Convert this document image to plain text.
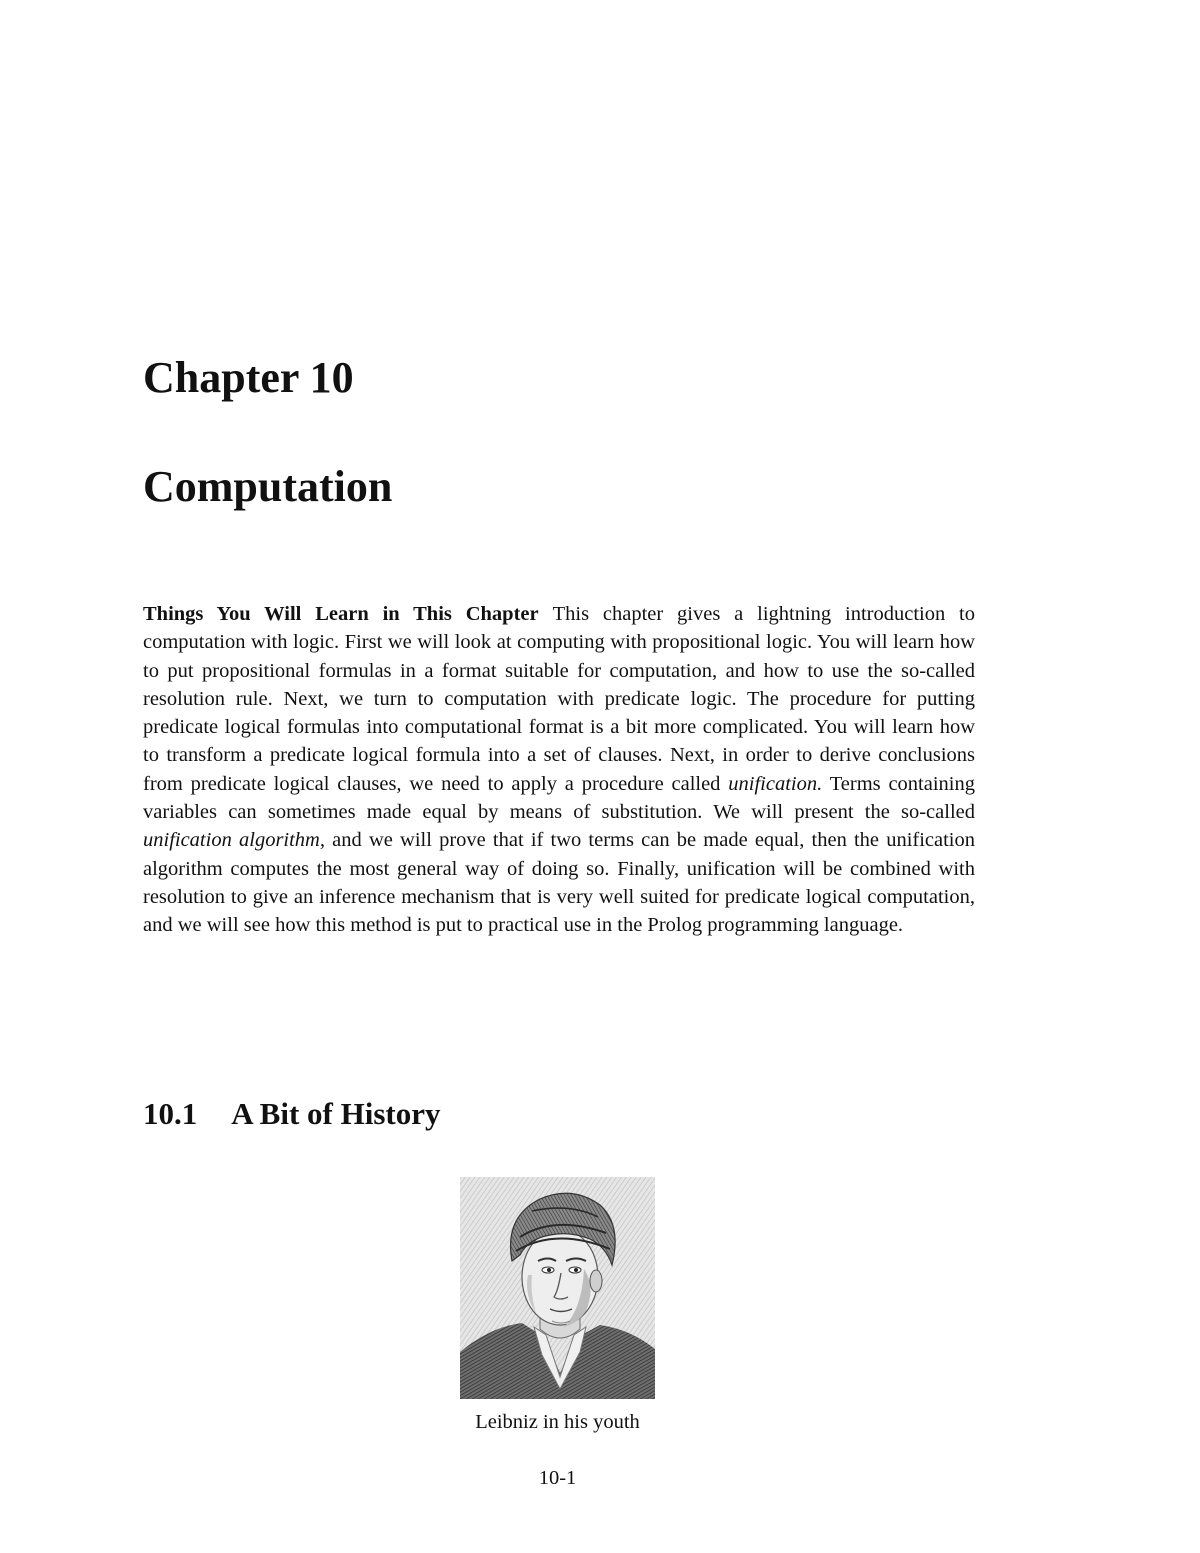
Chapter 10
Computation

Things You Will Learn in This Chapter This chapter gives a lightning introduction to computation with logic. First we will look at computing with propositional logic. You will learn how to put propositional formulas in a format suitable for computation, and how to use the so-called resolution rule. Next, we turn to computation with predicate logic. The procedure for putting predicate logical formulas into computational format is a bit more complicated. You will learn how to transform a predicate logical formula into a set of clauses. Next, in order to derive conclusions from predicate logical clauses, we need to apply a procedure called unification. Terms containing variables can sometimes made equal by means of substitution. We will present the so-called unification algorithm, and we will prove that if two terms can be made equal, then the unification algorithm computes the most general way of doing so. Finally, unification will be combined with resolution to give an inference mechanism that is very well suited for predicate logical computation, and we will see how this method is put to practical use in the Prolog programming language.

10.1 A Bit of History

Leibniz in his youth

10-1
